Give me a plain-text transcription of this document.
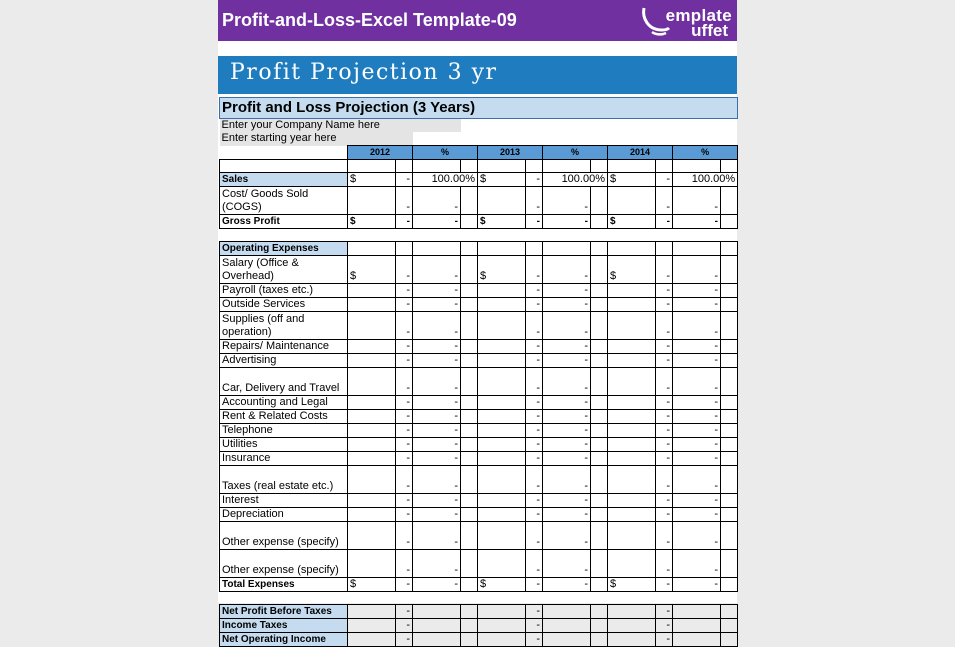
Profit-and-Loss-Excel Template-09	emplate
uffet
Profit Projection 3 yr
Profit and Loss Projection (3 Years)												
Enter your Company Name here												
Enter starting year here												
	2012		%		2013		%		2014		%	

Sales	$	-	100.00%		$	-	100.00%		$	-	100.00%	
Cost/ Goods Sold (COGS)		-	-			-	-			-	-	
Gross Profit	$	-	-		$	-	-		$	-	-	

Operating Expenses												
Salary (Office & Overhead)	$	-	-		$	-	-		$	-	-	
Payroll (taxes etc.)		-	-			-	-			-	-	
Outside Services		-	-			-	-			-	-	
Supplies (off and operation)		-	-			-	-			-	-	
Repairs/ Maintenance		-	-			-	-			-	-	
Advertising		-	-			-	-			-	-	
Car, Delivery and Travel		-	-			-	-			-	-	
Accounting and Legal		-	-			-	-			-	-	
Rent & Related Costs		-	-			-	-			-	-	
Telephone		-	-			-	-			-	-	
Utilities		-	-			-	-			-	-	
Insurance		-	-			-	-			-	-	
Taxes (real estate etc.)		-	-			-	-			-	-	
Interest		-	-			-	-			-	-	
Depreciation		-	-			-	-			-	-	
Other expense (specify)		-	-			-	-			-	-	
Other expense (specify)		-	-			-	-			-	-	
Total Expenses	$	-	-		$	-	-		$	-	-	

Net Profit Before Taxes		-				-				-		
Income Taxes		-				-				-		
Net Operating Income		-				-				-		
